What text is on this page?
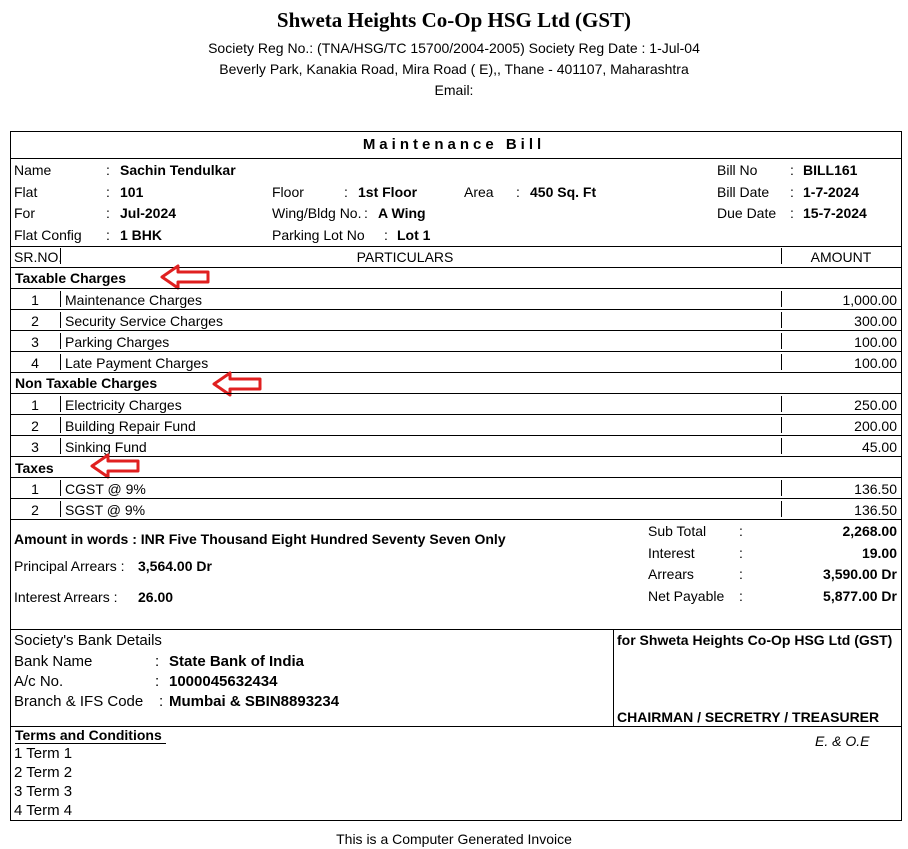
Shweta Heights Co-Op HSG Ltd (GST)
Society Reg No.: (TNA/HSG/TC 15700/2004-2005) Society Reg Date : 1-Jul-04
Beverly Park, Kanakia Road, Mira Road ( E),, Thane - 401107, Maharashtra
Email:
Maintenance Bill
Name	: Sachin Tendulkar
Flat	: 101	Floor	: 1st Floor	Area : 450 Sq. Ft
For	: Jul-2024	Wing/Bldg No. : A Wing
Flat Config : 1 BHK	Parking Lot No : Lot 1
Bill No : BILL161
Bill Date : 1-7-2024
Due Date : 15-7-2024
SR.NO.	PARTICULARS	AMOUNT
Taxable Charges
1	Maintenance Charges	1,000.00
2	Security Service Charges	300.00
3	Parking Charges	100.00
4	Late Payment Charges	100.00
Non Taxable Charges
1	Electricity Charges	250.00
2	Building Repair Fund	200.00
3	Sinking Fund	45.00
Taxes
1	CGST @ 9%	136.50
2	SGST @ 9%	136.50
Amount in words : INR Five Thousand Eight Hundred Seventy Seven Only
Principal Arrears : 3,564.00 Dr
Interest Arrears : 26.00
Sub Total :	2,268.00
Interest	:	19.00
Arrears	:	3,590.00 Dr
Net Payable :	5,877.00 Dr
Society's Bank Details
Bank Name	: State Bank of India
A/c No.	: 1000045632434
Branch & IFS Code : Mumbai & SBIN8893234
for Shweta Heights Co-Op HSG Ltd (GST)
CHAIRMAN / SECRETRY / TREASURER
Terms and Conditions	E. & O.E
1 Term 1
2 Term 2
3 Term 3
4 Term 4
This is a Computer Generated Invoice
